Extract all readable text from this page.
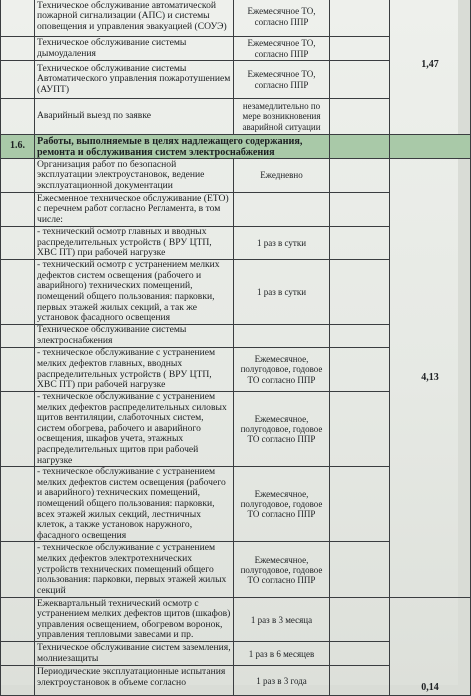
	Техническое обслуживание автоматической пожарной сигнализации (АПС) и системы оповещения и управления эвакуацией (СОУЭ)	Ежемесячное ТО, согласно ППР		1,47
	Техническое обслуживание системы дымоудаления	Ежемесячное ТО, согласно ППР		
	Техническое обслуживание системы Автоматического управления пожаротушением (АУПТ)	Ежемесячное ТО, согласно ППР		
	Аварийный выезд по заявке	незамедлительно по мере возникновения аварийной ситуации		
1.6.	Работы, выполняемые в целях надлежащего содержания, ремонта и обслуживания систем электроснабжения			
	Организация работ по безопасной эксплуатации электроустановок, ведение эксплуатационной документации	Ежедневно		4,13
	Ежесменное техническое обслуживание (ЕТО) с перечнем работ согласно Регламента, в том числе:			
	- технический осмотр главных и вводных распределительных устройств ( ВРУ ЦТП, ХВС ПТ) при рабочей нагрузке	1 раз в сутки		
	- технический осмотр с устранением мелких дефектов систем освещения (рабочего и аварийного) технических помещений, помещений общего пользования: парковки, первых этажей жилых секций, а так же установок фасадного освещения	1 раз в сутки		
	Техническое обслуживание системы электроснабжения			
	- техническое обслуживание с устранением мелких дефектов главных, вводных распределительных устройств ( ВРУ ЦТП, ХВС ПТ) при рабочей нагрузке	Ежемесячное, полугодовое, годовое ТО согласно ППР		
	- техническое обслуживание с устранением мелких дефектов распределительных силовых щитов вентиляции, слаботочных систем, систем обогрева, рабочего и аварийного освещения, шкафов учета, этажных распределительных щитов при рабочей нагрузке	Ежемесячное, полугодовое, годовое ТО согласно ППР		
	- техническое обслуживание с устранением мелких дефектов систем освещения (рабочего и аварийного) технических помещений, помещений общего пользования: парковки, всех этажей жилых секций, лестничных клеток, а также установок наружного, фасадного освещения	Ежемесячное, полугодовое, годовое ТО согласно ППР		
	- техническое обслуживание с устранением мелких дефектов электротехнических устройств технических помещений общего пользования: парковки, первых этажей жилых секций	Ежемесячное, полугодовое, годовое ТО согласно ППР		
	Ежеквартальный технический осмотр с устранением мелких дефектов щитов (шкафов) управления освещением, обогревом воронок, управления тепловыми завесами и пр.	1 раз в 3 месяца		0,14
	Техническое обслуживание систем заземления, молниезащиты	1 раз в 6 месяцев		
	Периодические эксплуатационные испытания электроустановок в объеме согласно	1 раз в 3 года		
